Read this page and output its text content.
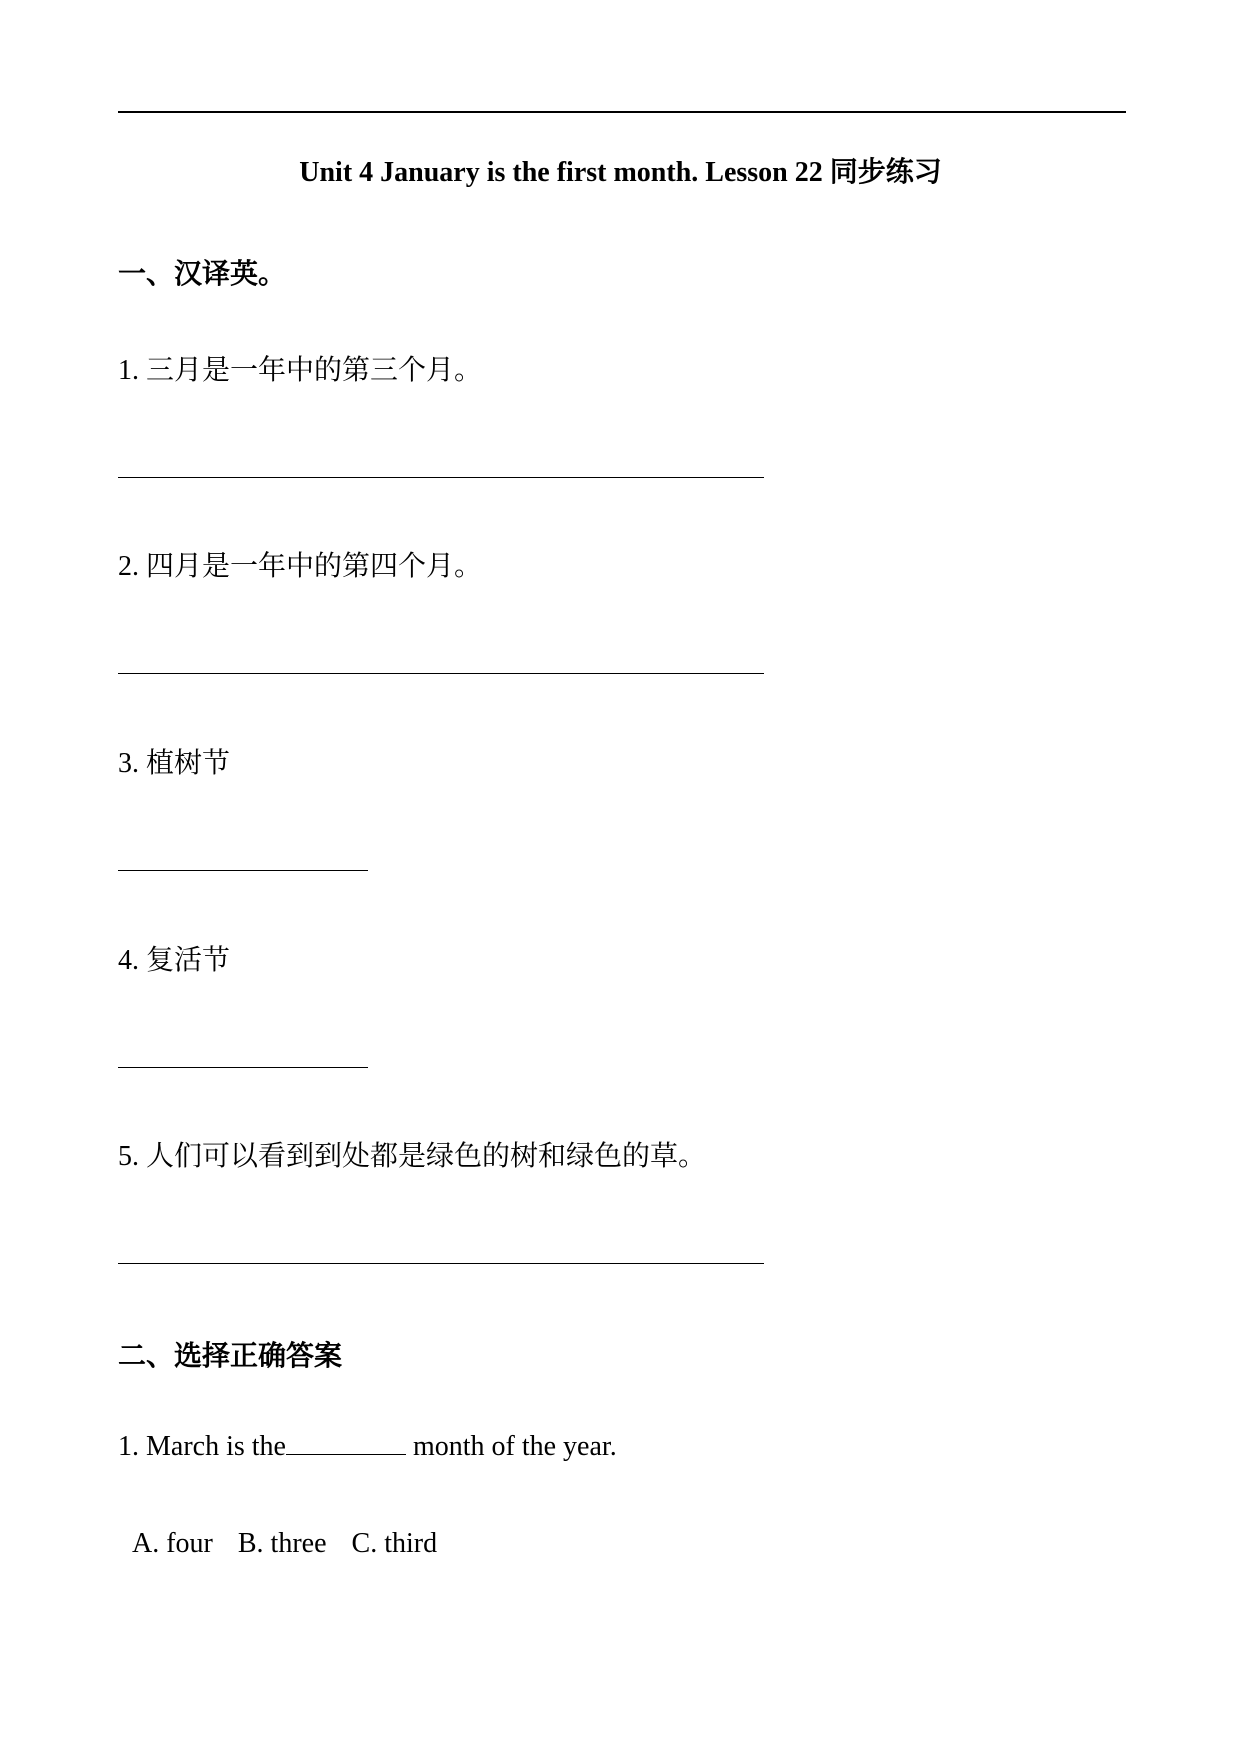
Unit 4 January is the first month. Lesson 22 同步练习
一、汉译英。
1. 三月是一年中的第三个月。
2. 四月是一年中的第四个月。
3. 植树节
4. 复活节
5. 人们可以看到到处都是绿色的树和绿色的草。
二、选择正确答案
1. March is the	month of the year.
A. four B. three C. third
